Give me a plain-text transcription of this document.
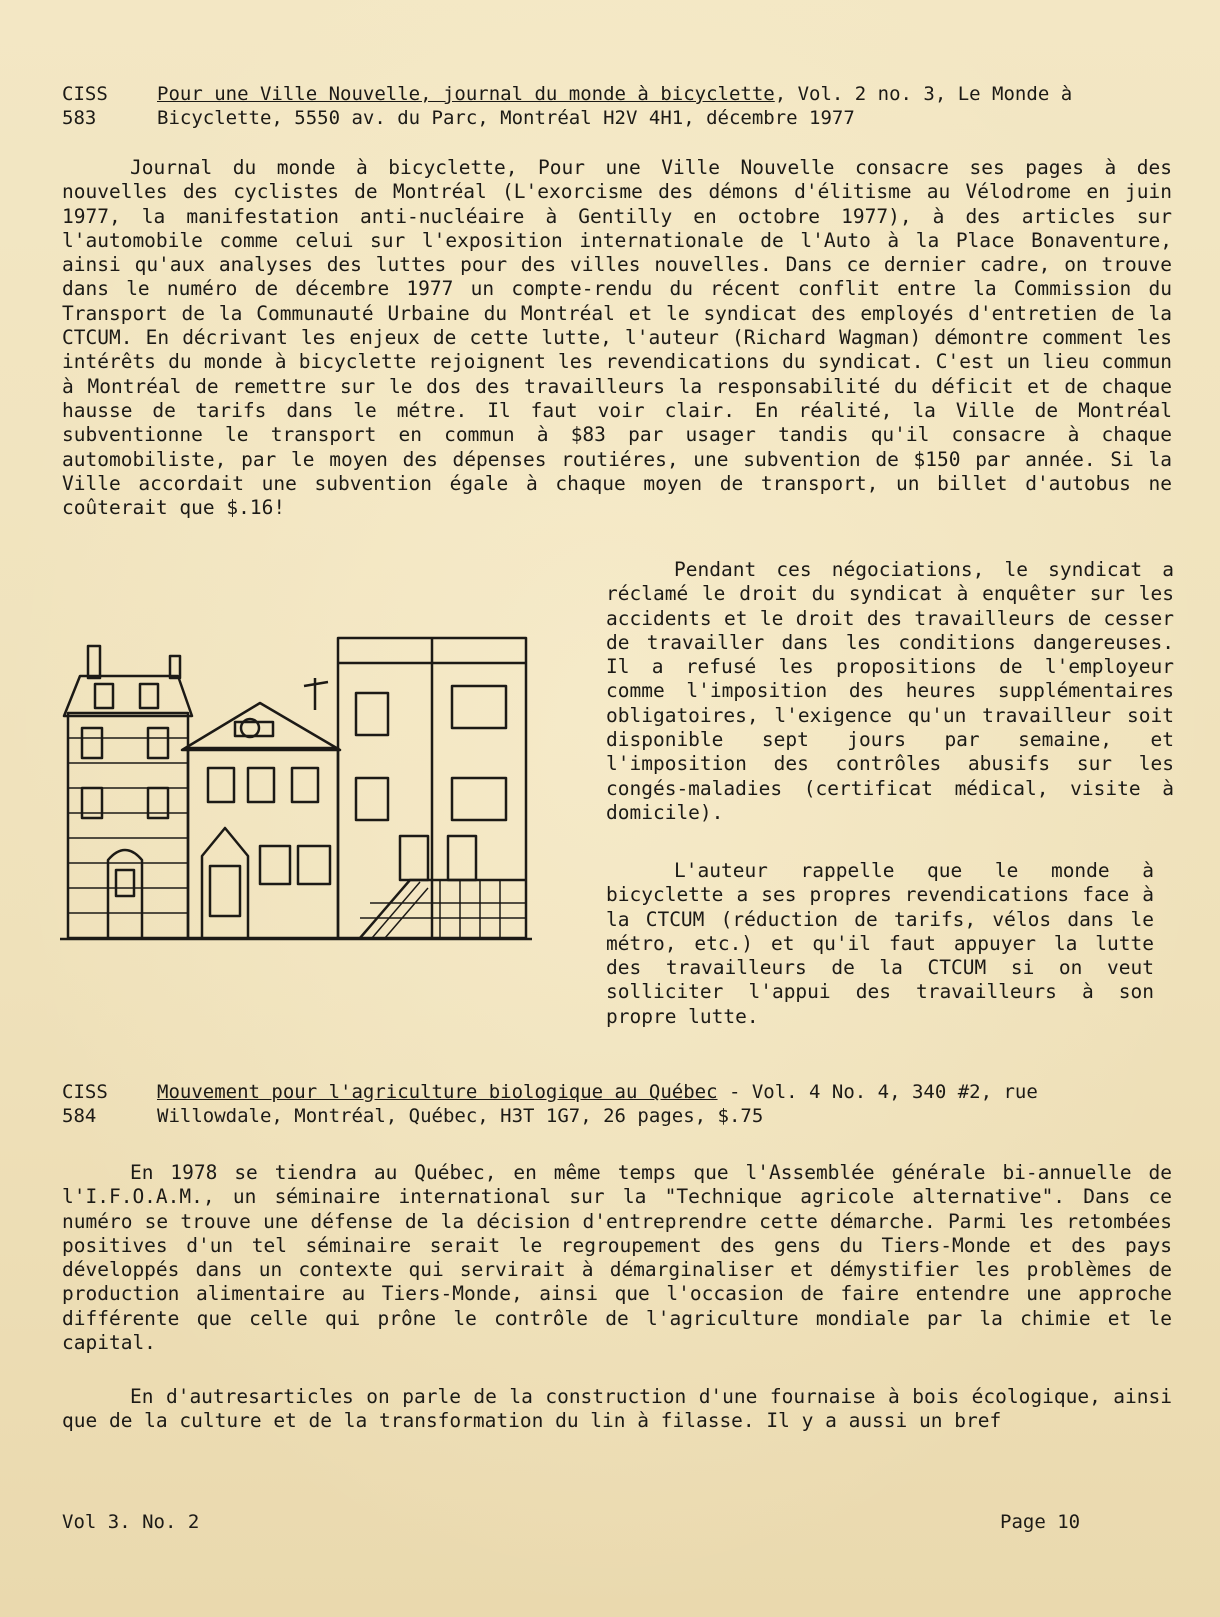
CISS
583
Pour une Ville Nouvelle, journal du monde à bicyclette, Vol. 2 no. 3, Le Monde à Bicyclette, 5550 av. du Parc, Montréal H2V 4H1, décembre 1977

Journal du monde à bicyclette, Pour une Ville Nouvelle consacre ses pages à des nouvelles des cyclistes de Montréal (L'exorcisme des démons d'élitisme au Vélodrome en juin 1977, la manifestation anti-nucléaire à Gentilly en octobre 1977), à des articles sur l'automobile comme celui sur l'exposition internationale de l'Auto à la Place Bonaventure, ainsi qu'aux analyses des luttes pour des villes nouvelles. Dans ce dernier cadre, on trouve dans le numéro de décembre 1977 un compte-rendu du récent conflit entre la Commission du Transport de la Communauté Urbaine du Montréal et le syndicat des employés d'entretien de la CTCUM. En décrivant les enjeux de cette lutte, l'auteur (Richard Wagman) démontre comment les intérêts du monde à bicyclette rejoignent les revendications du syndicat. C'est un lieu commun à Montréal de remettre sur le dos des travailleurs la responsabilité du déficit et de chaque hausse de tarifs dans le métre. Il faut voir clair. En réalité, la Ville de Montréal subventionne le transport en commun à $83 par usager tandis qu'il consacre à chaque automobiliste, par le moyen des dépenses routiéres, une subvention de $150 par année. Si la Ville accordait une subvention égale à chaque moyen de transport, un billet d'autobus ne coûterait que $.16!

Pendant ces négociations, le syndicat a réclamé le droit du syndicat à enquêter sur les accidents et le droit des travailleurs de cesser de travailler dans les conditions dangereuses. Il a refusé les propositions de l'employeur comme l'imposition des heures supplémentaires obligatoires, l'exigence qu'un travailleur soit disponible sept jours par semaine, et l'imposition des contrôles abusifs sur les congés-maladies (certificat médical, visite à domicile).

L'auteur rappelle que le monde à bicyclette a ses propres revendications face à la CTCUM (réduction de tarifs, vélos dans le métro, etc.) et qu'il faut appuyer la lutte des travailleurs de la CTCUM si on veut solliciter l'appui des travailleurs à son propre lutte.

CISS
584
Mouvement pour l'agriculture biologique au Québec - Vol. 4 No. 4, 340 #2, rue Willowdale, Montréal, Québec, H3T 1G7, 26 pages, $.75

En 1978 se tiendra au Québec, en même temps que l'Assemblée générale bi-annuelle de l'I.F.O.A.M., un séminaire international sur la "Technique agricole alternative". Dans ce numéro se trouve une défense de la décision d'entreprendre cette démarche. Parmi les retombées positives d'un tel séminaire serait le regroupement des gens du Tiers-Monde et des pays développés dans un contexte qui servirait à démarginaliser et démystifier les problèmes de production alimentaire au Tiers-Monde, ainsi que l'occasion de faire entendre une approche différente que celle qui prône le contrôle de l'agriculture mondiale par la chimie et le capital.

En d'autresarticles on parle de la construction d'une fournaise à bois écologique, ainsi que de la culture et de la transformation du lin à filasse. Il y a aussi un bref

Vol 3. No. 2	Page 10
